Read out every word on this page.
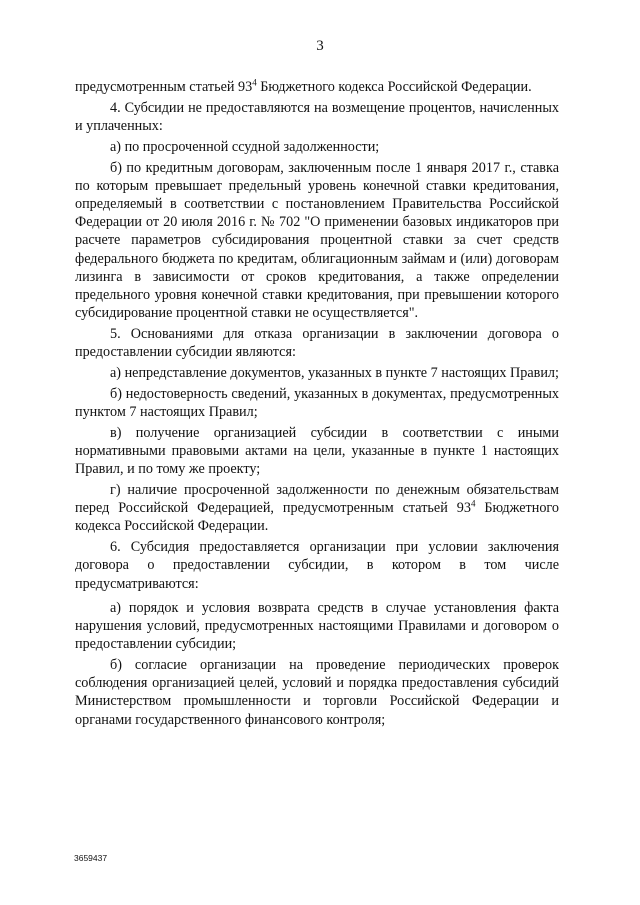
3

предусмотренным статьей $93^4$ Бюджетного кодекса Российской Федерации.

4. Субсидии не предоставляются на возмещение процентов, начисленных и уплаченных:

а) по просроченной ссудной задолженности;

б) по кредитным договорам, заключенным после 1 января 2017 г., ставка по которым превышает предельный уровень конечной ставки кредитования, определяемый в соответствии с постановлением Правительства Российской Федерации от 20 июля 2016 г. № 702 "О применении базовых индикаторов при расчете параметров субсидирования процентной ставки за счет средств федерального бюджета по кредитам, облигационным займам и (или) договорам лизинга в зависимости от сроков кредитования, а также определении предельного уровня конечной ставки кредитования, при превышении которого субсидирование процентной ставки не осуществляется".

5. Основаниями для отказа организации в заключении договора о предоставлении субсидии являются:

а) непредставление документов, указанных в пункте 7 настоящих Правил;

б) недостоверность сведений, указанных в документах, предусмотренных пунктом 7 настоящих Правил;

в) получение организацией субсидии в соответствии с иными нормативными правовыми актами на цели, указанные в пункте 1 настоящих Правил, и по тому же проекту;

г) наличие просроченной задолженности по денежным обязательствам перед Российской Федерацией, предусмотренным статьей $93^4$ Бюджетного кодекса Российской Федерации.

6. Субсидия предоставляется организации при условии заключения договора о предоставлении субсидии, в котором в том числе предусматриваются:

а) порядок и условия возврата средств в случае установления факта нарушения условий, предусмотренных настоящими Правилами и договором о предоставлении субсидии;

б) согласие организации на проведение периодических проверок соблюдения организацией целей, условий и порядка предоставления субсидий Министерством промышленности и торговли Российской Федерации и органами государственного финансового контроля;

3659437
